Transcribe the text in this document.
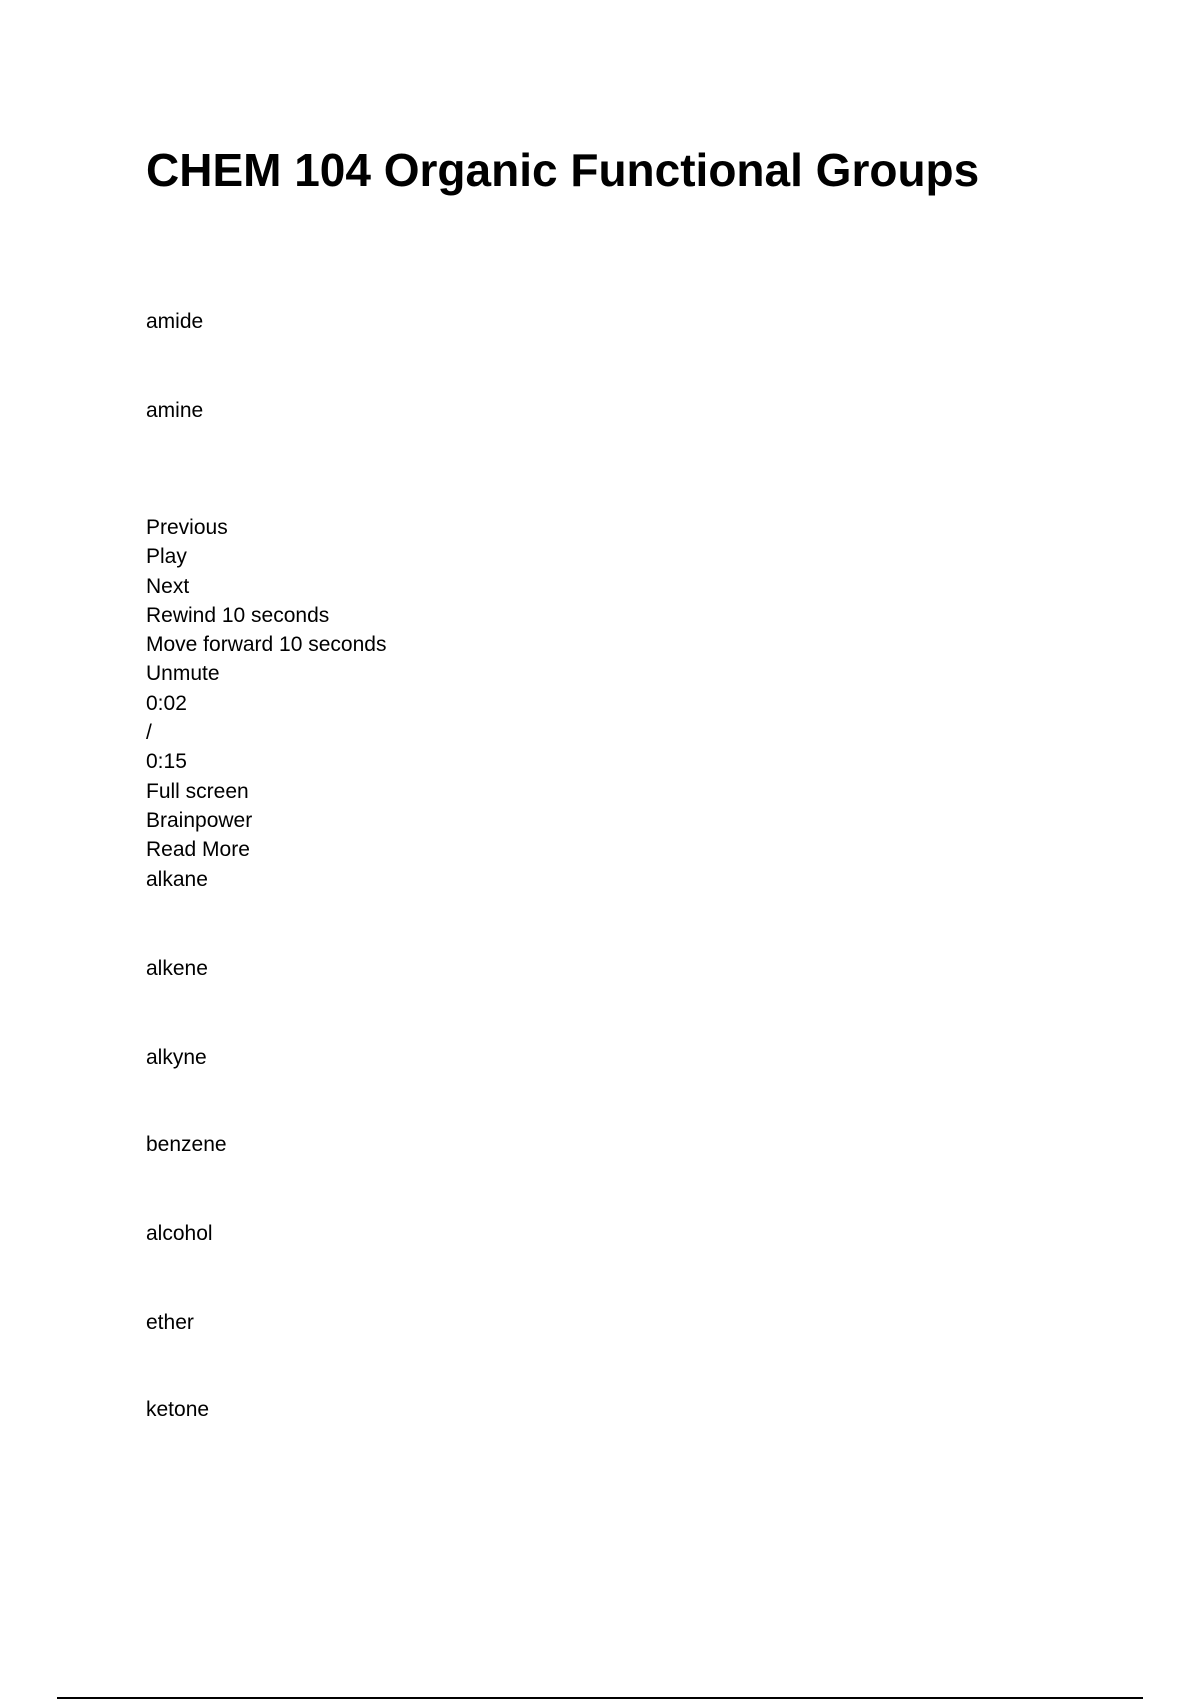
CHEM 104 Organic Functional Groups

amide

amine

Previous
Play
Next
Rewind 10 seconds
Move forward 10 seconds
Unmute
0:02
/
0:15
Full screen
Brainpower
Read More

alkane

alkene

alkyne

benzene

alcohol

ether

ketone
